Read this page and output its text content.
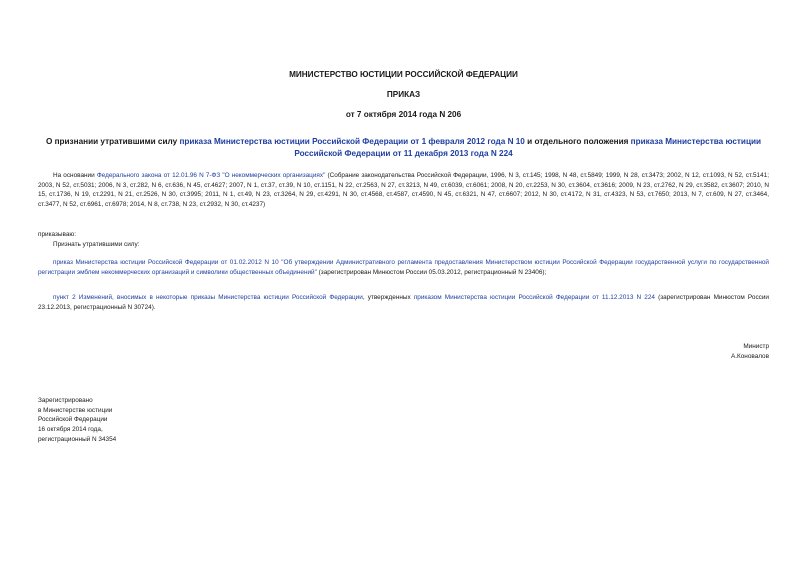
МИНИСТЕРСТВО ЮСТИЦИИ РОССИЙСКОЙ ФЕДЕРАЦИИ
ПРИКАЗ
от 7 октября 2014 года N 206
О признании утратившими силу приказа Министерства юстиции Российской Федерации от 1 февраля 2012 года N 10 и отдельного положения приказа Министерства юстиции Российской Федерации от 11 декабря 2013 года N 224
На основании Федерального закона от 12.01.96 N 7-ФЗ "О некоммерческих организациях" (Собрание законодательства Российской Федерации, 1996, N 3, ст.145; 1998, N 48, ст.5849; 1999, N 28, ст.3473; 2002, N 12, ст.1093, N 52, ст.5141; 2003, N 52, ст.5031; 2006, N 3, ст.282, N 6, ст.636, N 45, ст.4627; 2007, N 1, ст.37, ст.39, N 10, ст.1151, N 22, ст.2563, N 27, ст.3213, N 49, ст.6039, ст.6061; 2008, N 20, ст.2253, N 30, ст.3604, ст.3616; 2009, N 23, ст.2762, N 29, ст.3582, ст.3607; 2010, N 15, ст.1736, N 19, ст.2291, N 21, ст.2526, N 30, ст.3995; 2011, N 1, ст.49, N 23, ст.3264, N 29, ст.4291, N 30, ст.4568, ст.4587, ст.4590, N 45, ст.6321, N 47, ст.6607; 2012, N 30, ст.4172, N 31, ст.4323, N 53, ст.7650; 2013, N 7, ст.609, N 27, ст.3464, ст.3477, N 52, ст.6961, ст.6978; 2014, N 8, ст.738, N 23, ст.2932, N 30, ст.4237)
приказываю:
Признать утратившими силу:
приказ Министерства юстиции Российской Федерации от 01.02.2012 N 10 "Об утверждении Административного регламента предоставления Министерством юстиции Российской Федерации государственной услуги по государственной регистрации эмблем некоммерческих организаций и символики общественных объединений" (зарегистрирован Минюстом России 05.03.2012, регистрационный N 23406);
пункт 2 Изменений, вносимых в некоторые приказы Министерства юстиции Российской Федерации, утвержденных приказом Министерства юстиции Российской Федерации от 11.12.2013 N 224 (зарегистрирован Минюстом России 23.12.2013, регистрационный N 30724).
Министр
А.Коновалов
Зарегистрировано
в Министерстве юстиции
Российской Федерации
16 октября 2014 года,
регистрационный N 34354
